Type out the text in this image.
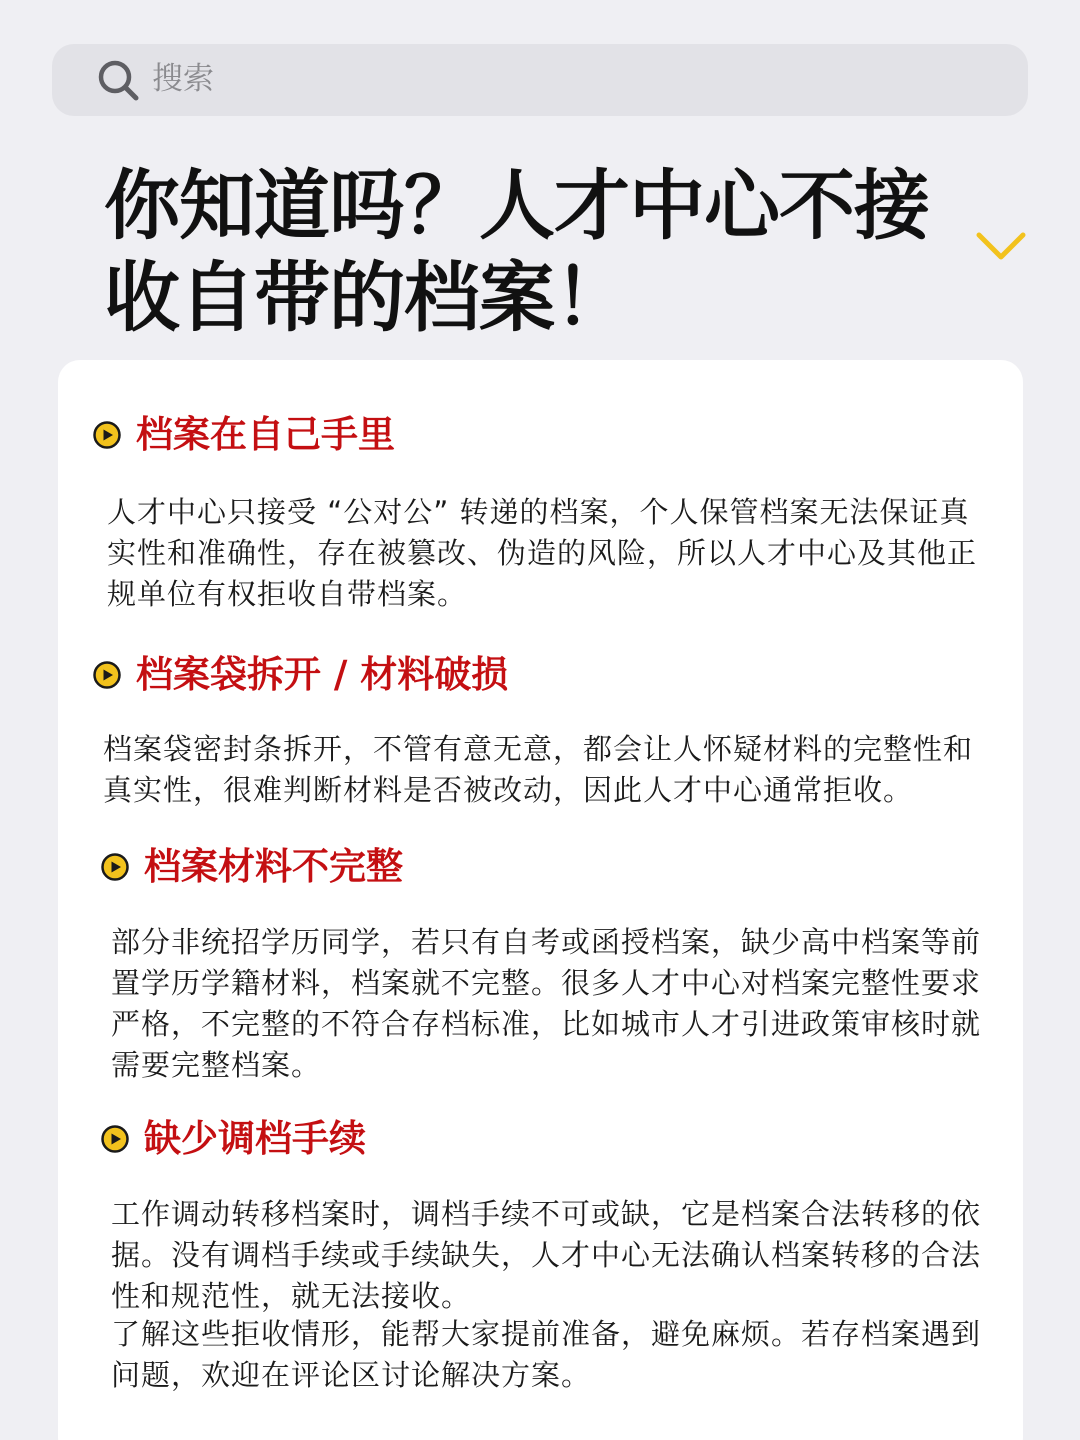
搜索
你知道吗？人才中心不接收自带的档案！
档案在自己手里
人才中心只接受 “公对公” 转递的档案，个人保管档案无法保证真实性和准确性，存在被篡改、伪造的风险，所以人才中心及其他正规单位有权拒收自带档案。
档案袋拆开 / 材料破损
档案袋密封条拆开，不管有意无意，都会让人怀疑材料的完整性和真实性，很难判断材料是否被改动，因此人才中心通常拒收。
档案材料不完整
部分非统招学历同学，若只有自考或函授档案，缺少高中档案等前置学历学籍材料，档案就不完整。很多人才中心对档案完整性要求严格，不完整的不符合存档标准，比如城市人才引进政策审核时就需要完整档案。
缺少调档手续
工作调动转移档案时，调档手续不可或缺，它是档案合法转移的依据。没有调档手续或手续缺失，人才中心无法确认档案转移的合法性和规范性，就无法接收。
了解这些拒收情形，能帮大家提前准备，避免麻烦。若存档案遇到问题，欢迎在评论区讨论解决方案。
